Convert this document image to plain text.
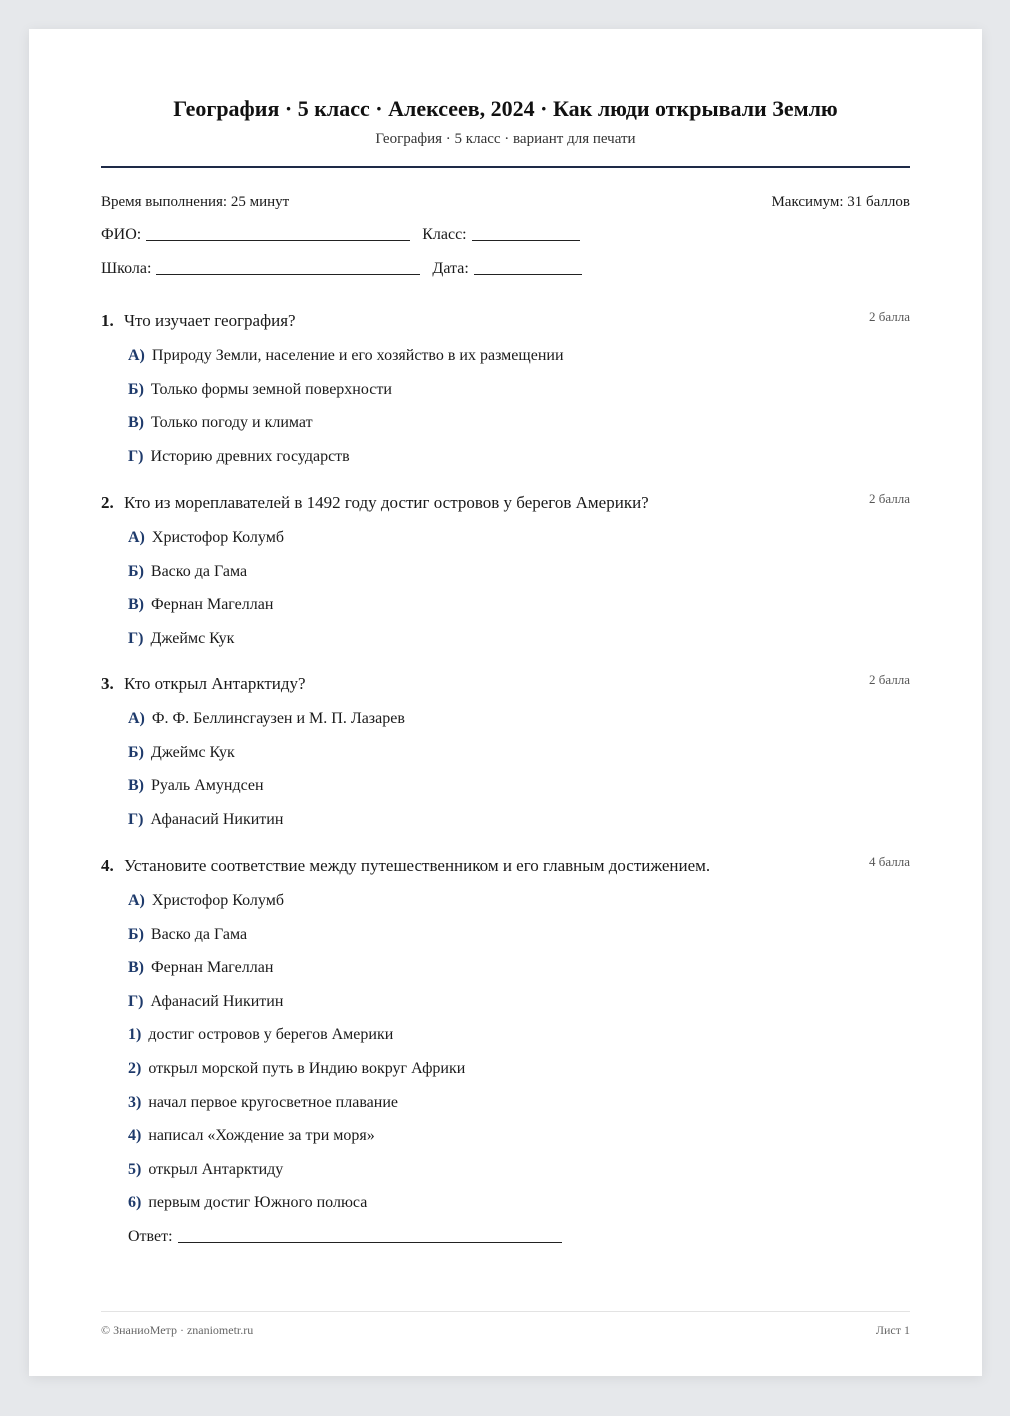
География · 5 класс · Алексеев, 2024 · Как люди открывали Землю
География · 5 класс · вариант для печати
Время выполнения: 25 минут	Максимум: 31 баллов
ФИО:	Класс:
Школа:	Дата:
1. Что изучает география?	2 балла
А) Природу Земли, население и его хозяйство в их размещении
Б) Только формы земной поверхности
В) Только погоду и климат
Г) Историю древних государств
2. Кто из мореплавателей в 1492 году достиг островов у берегов Америки?	2 балла
А) Христофор Колумб
Б) Васко да Гама
В) Фернан Магеллан
Г) Джеймс Кук
3. Кто открыл Антарктиду?	2 балла
А) Ф. Ф. Беллинсгаузен и М. П. Лазарев
Б) Джеймс Кук
В) Руаль Амундсен
Г) Афанасий Никитин
4. Установите соответствие между путешественником и его главным достижением.	4 балла
А) Христофор Колумб
Б) Васко да Гама
В) Фернан Магеллан
Г) Афанасий Никитин
1) достиг островов у берегов Америки
2) открыл морской путь в Индию вокруг Африки
3) начал первое кругосветное плавание
4) написал «Хождение за три моря»
5) открыл Антарктиду
6) первым достиг Южного полюса
Ответ:
© ЗнаниоМетр · znaniometr.ru	Лист 1
